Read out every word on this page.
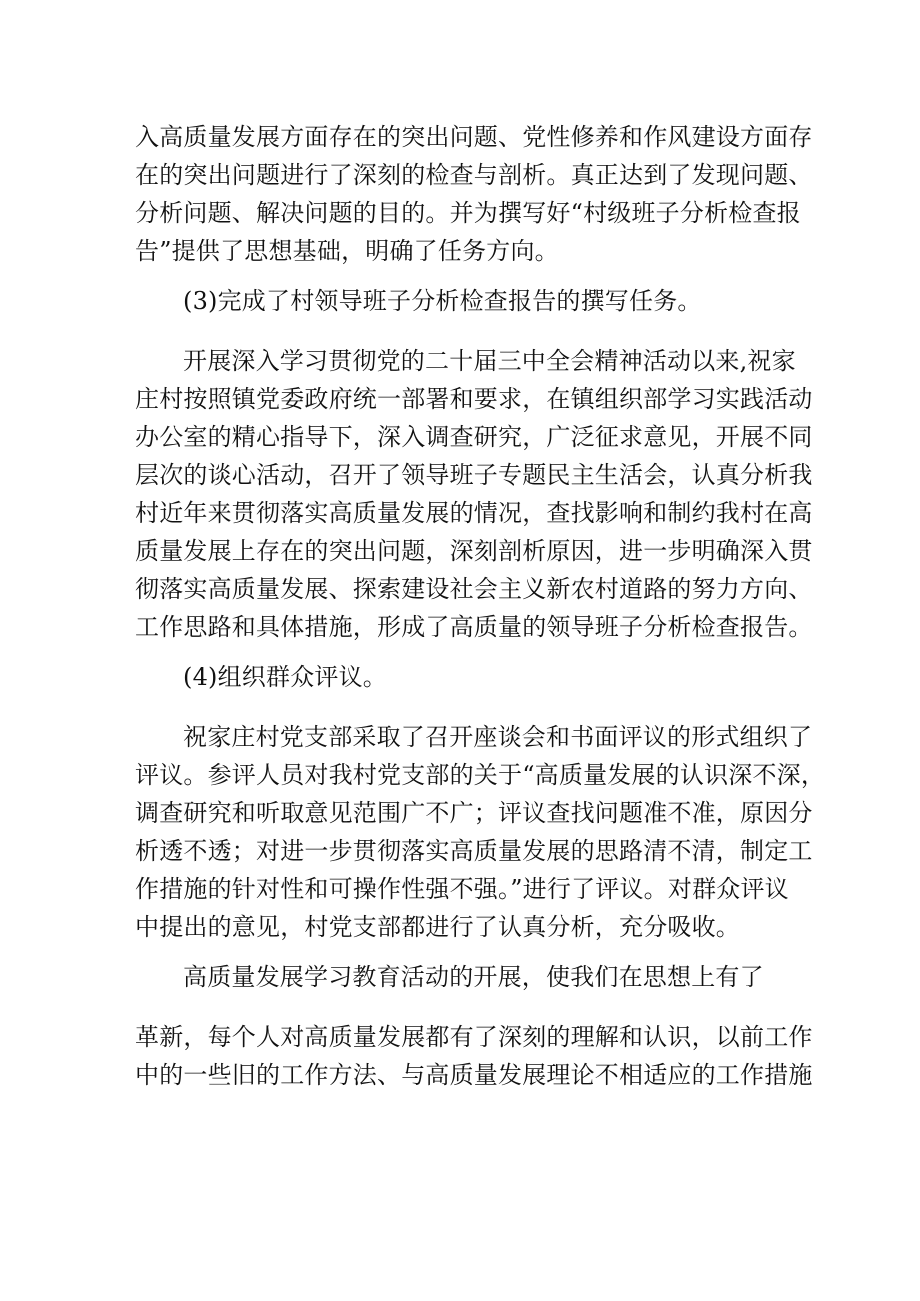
入高质量发展方面存在的突出问题、党性修养和作风建设方面存
在的突出问题进行了深刻的检查与剖析。真正达到了发现问题、
分析问题、解决问题的目的。并为撰写好“村级班子分析检查报
告”提供了思想基础，明确了任务方向。
(3)完成了村领导班子分析检查报告的撰写任务。
开展深入学习贯彻党的二十届三中全会精神活动以来,祝家
庄村按照镇党委政府统一部署和要求，在镇组织部学习实践活动
办公室的精心指导下，深入调查研究，广泛征求意见，开展不同
层次的谈心活动，召开了领导班子专题民主生活会，认真分析我
村近年来贯彻落实高质量发展的情况，查找影响和制约我村在高
质量发展上存在的突出问题，深刻剖析原因，进一步明确深入贯
彻落实高质量发展、探索建设社会主义新农村道路的努力方向、
工作思路和具体措施，形成了高质量的领导班子分析检查报告。
(4)组织群众评议。
祝家庄村党支部采取了召开座谈会和书面评议的形式组织了
评议。参评人员对我村党支部的关于“高质量发展的认识深不深，
调查研究和听取意见范围广不广；评议查找问题准不准，原因分
析透不透；对进一步贯彻落实高质量发展的思路清不清，制定工
作措施的针对性和可操作性强不强。”进行了评议。对群众评议
中提出的意见，村党支部都进行了认真分析，充分吸收。
高质量发展学习教育活动的开展，使我们在思想上有了
革新，每个人对高质量发展都有了深刻的理解和认识，以前工作
中的一些旧的工作方法、与高质量发展理论不相适应的工作措施
